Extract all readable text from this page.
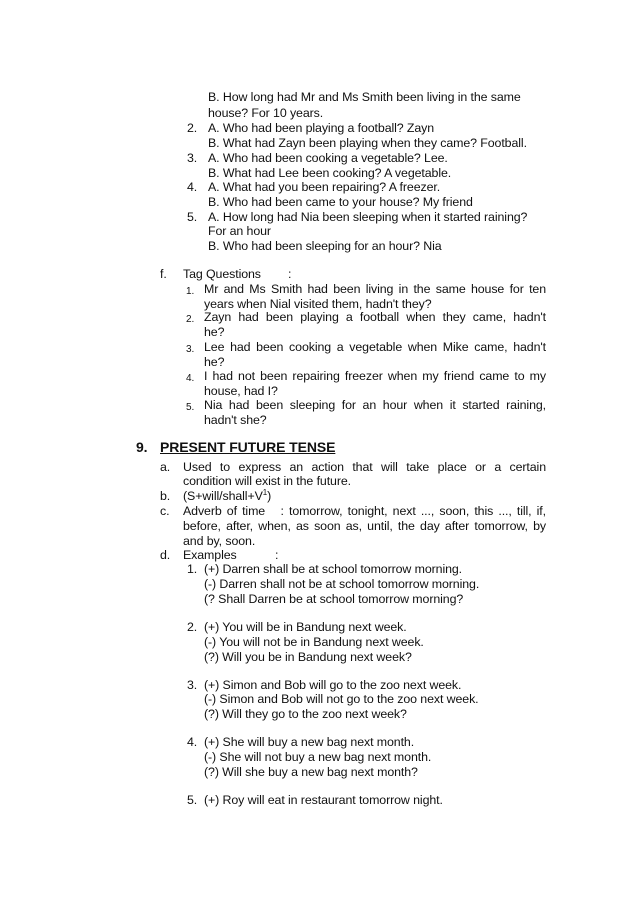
B. How long had Mr and Ms Smith been living in the same
house? For 10 years.
2. A. Who had been playing a football? Zayn
B. What had Zayn been playing when they came? Football.
3. A. Who had been cooking a vegetable? Lee.
B. What had Lee been cooking? A vegetable.
4. A. What had you been repairing? A freezer.
B. Who had been came to your house? My friend
5. A. How long had Nia been sleeping when it started raining?
For an hour
B. Who had been sleeping for an hour? Nia
f. Tag Questions :
1. Mr and Ms Smith had been living in the same house for ten
years when Nial visited them, hadn't they?
2. Zayn had been playing a football when they came, hadn't
he?
3. Lee had been cooking a vegetable when Mike came, hadn't
he?
4. I had not been repairing freezer when my friend came to my
house, had I?
5. Nia had been sleeping for an hour when it started raining,
hadn't she?
9. PRESENT FUTURE TENSE
a. Used to express an action that will take place or a certain
condition will exist in the future.
b. $(S+will/shall+V^1)$
c. Adverb of time   : tomorrow, tonight, next ..., soon, this ..., till, if,
before, after, when, as soon as, until, the day after tomorrow, by
and by, soon.
d. Examples	:
1. (+) Darren shall be at school tomorrow morning.
(-) Darren shall not be at school tomorrow morning.
(? Shall Darren be at school tomorrow morning?
2. (+) You will be in Bandung next week.
(-) You will not be in Bandung next week.
(?) Will you be in Bandung next week?
3. (+) Simon and Bob will go to the zoo next week.
(-) Simon and Bob will not go to the zoo next week.
(?) Will they go to the zoo next week?
4. (+) She will buy a new bag next month.
(-) She will not buy a new bag next month.
(?) Will she buy a new bag next month?
5. (+) Roy will eat in restaurant tomorrow night.
